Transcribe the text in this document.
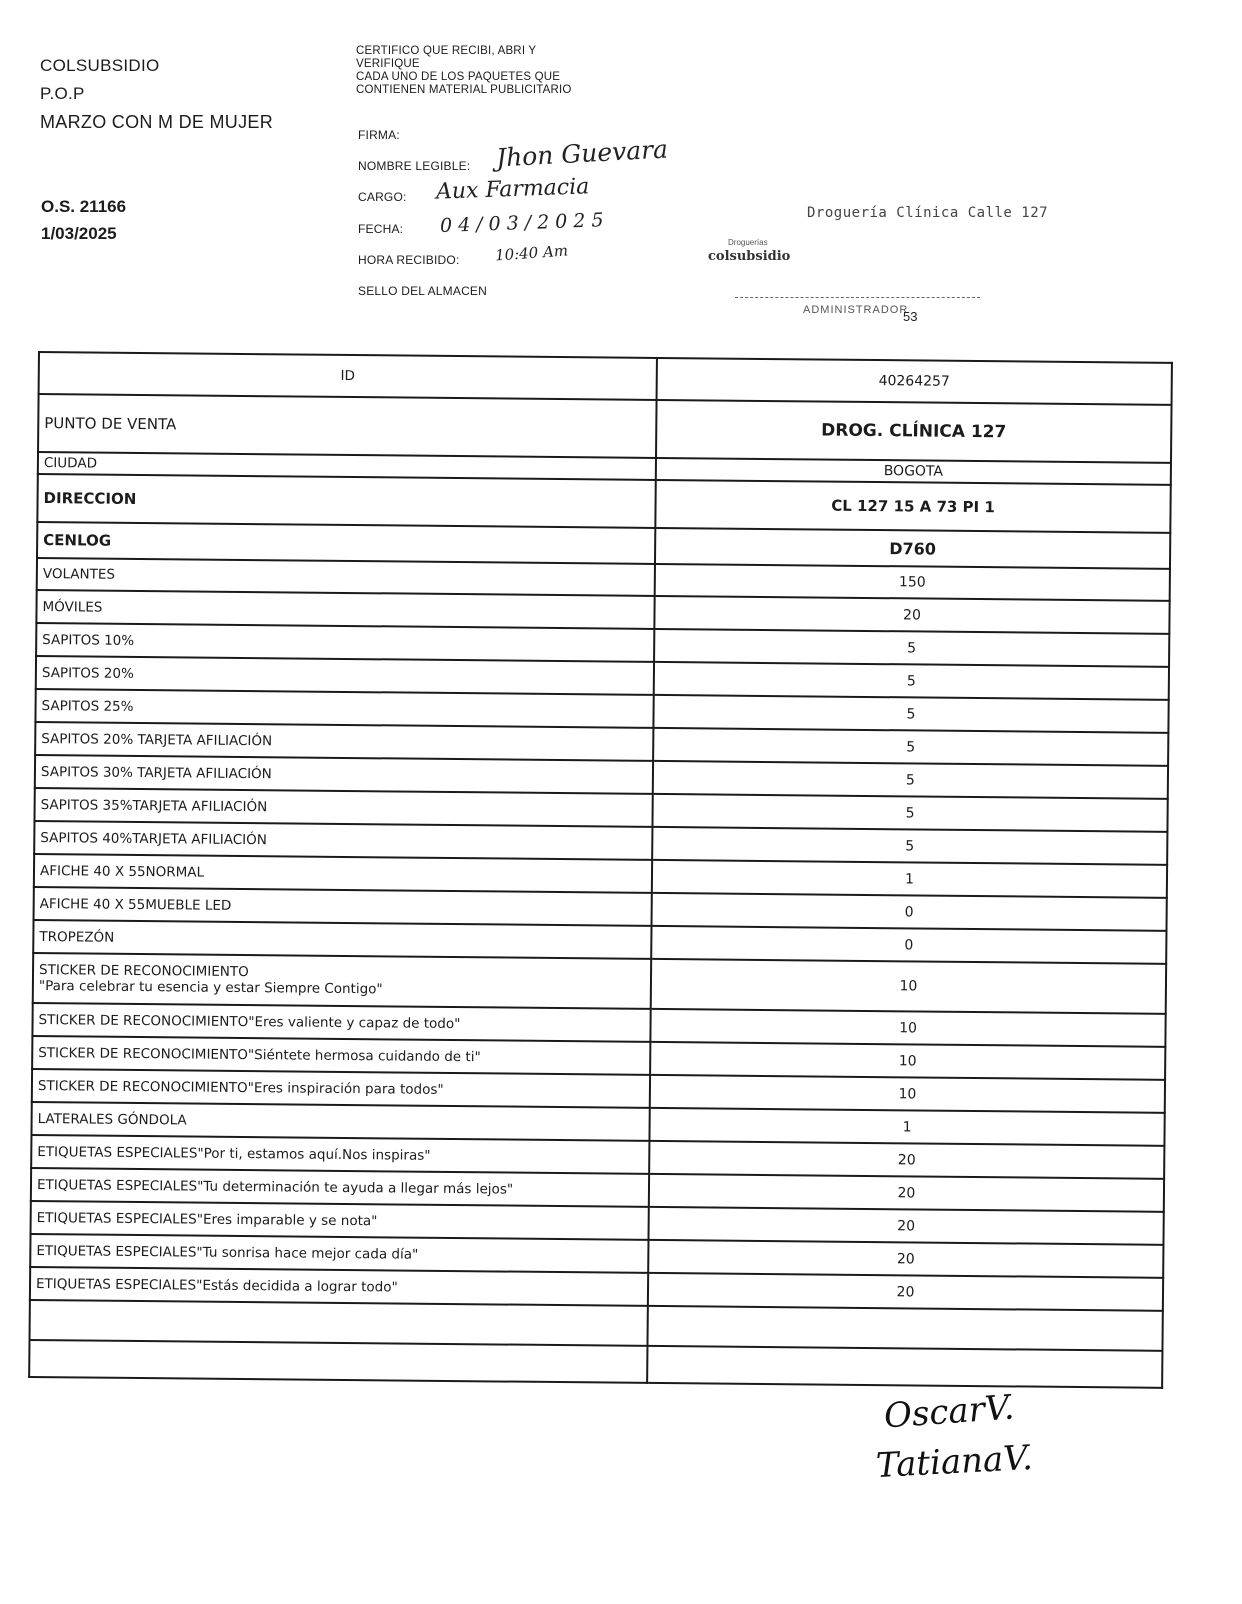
COLSUBSIDIO
P.O.P
MARZO CON M DE MUJER
O.S. 21166
1/03/2025
CERTIFICO QUE RECIBI, ABRI Y
VERIFIQUE
CADA UNO DE LOS PAQUETES QUE
CONTIENEN MATERIAL PUBLICITARIO
FIRMA:
NOMBRE LEGIBLE:
CARGO:
FECHA:
HORA RECIBIDO:
SELLO DEL ALMACEN
Jhon Guevara
Aux Farmacia
04/03/2025
10:40 Am
Droguería Clínica Calle 127
Droguerías
colsubsidio
ADMINISTRADOR
53
ID	40264257
PUNTO DE VENTA	DROG. CLÍNICA 127
CIUDAD	BOGOTA
DIRECCION	CL 127 15 A 73 PI 1
CENLOG	D760
VOLANTES	150
MÓVILES	20
SAPITOS 10%	5
SAPITOS 20%	5
SAPITOS 25%	5
SAPITOS 20% TARJETA AFILIACIÓN	5
SAPITOS 30% TARJETA AFILIACIÓN	5
SAPITOS 35%TARJETA AFILIACIÓN	5
SAPITOS 40%TARJETA AFILIACIÓN	5
AFICHE 40 X 55NORMAL	1
AFICHE 40 X 55MUEBLE LED	0
TROPEZÓN	0
STICKER DE RECONOCIMIENTO
"Para celebrar tu esencia y estar Siempre Contigo"	10
STICKER DE RECONOCIMIENTO"Eres valiente y capaz de todo"	10
STICKER DE RECONOCIMIENTO"Siéntete hermosa cuidando de ti"	10
STICKER DE RECONOCIMIENTO"Eres inspiración para todos"	10
LATERALES GÓNDOLA	1
ETIQUETAS ESPECIALES"Por ti, estamos aquí.Nos inspiras"	20
ETIQUETAS ESPECIALES"Tu determinación te ayuda a llegar más lejos"	20
ETIQUETAS ESPECIALES"Eres imparable y se nota"	20
ETIQUETAS ESPECIALES"Tu sonrisa hace mejor cada día"	20
ETIQUETAS ESPECIALES"Estás decidida a lograr todo"	20

OscarV.
TatianaV.
